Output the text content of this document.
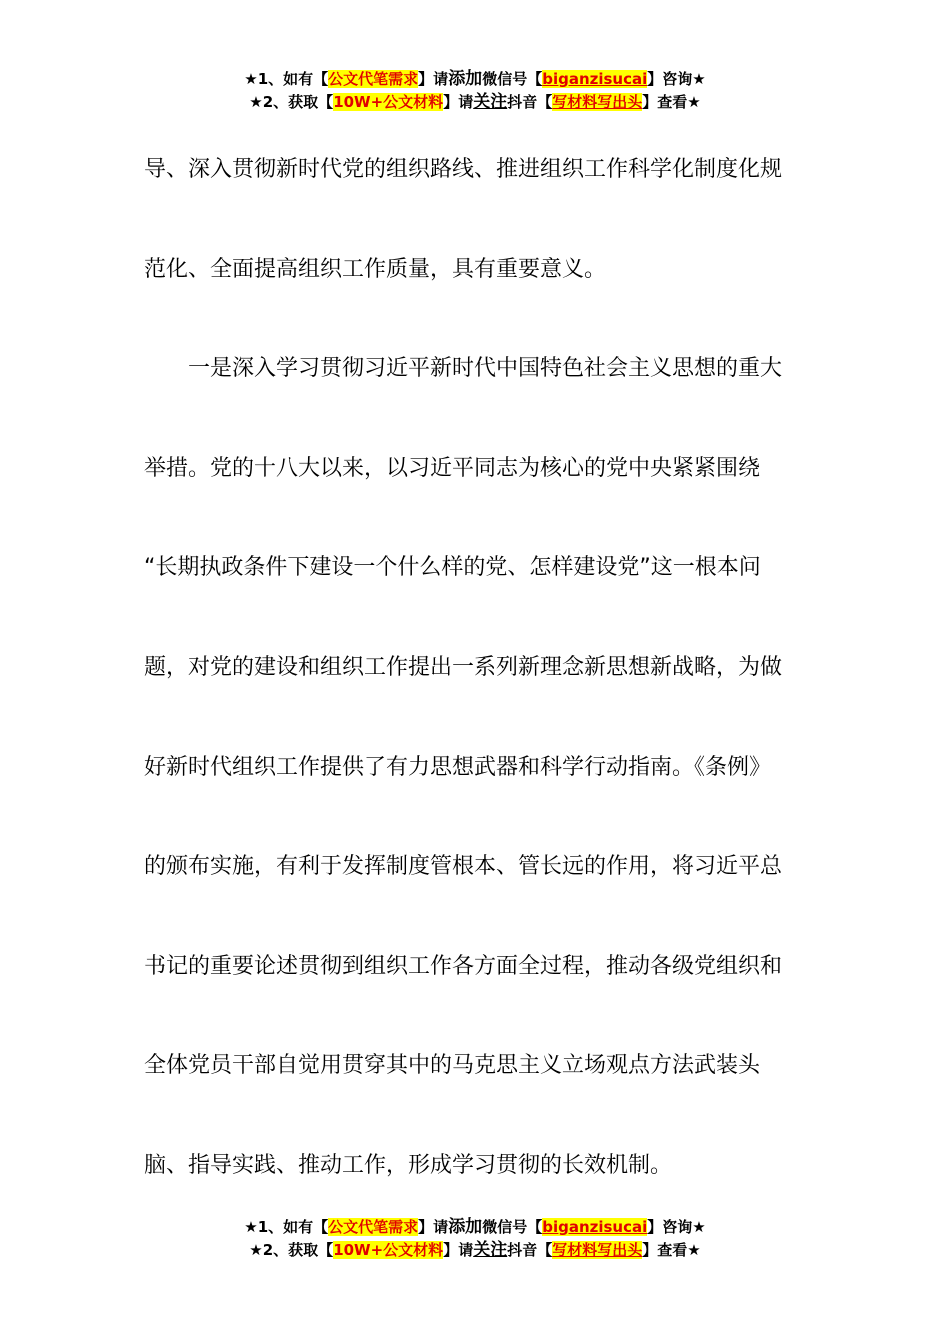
★1、如有【公文代笔需求】请添加微信号【biganzisucai】咨询★
★2、获取【10W+公文材料】请关注抖音【写材料写出头】查看★
导、深入贯彻新时代党的组织路线、推进组织工作科学化制度化规
范化、全面提高组织工作质量，具有重要意义。
　　一是深入学习贯彻习近平新时代中国特色社会主义思想的重大
举措。党的十八大以来，以习近平同志为核心的党中央紧紧围绕
“长期执政条件下建设一个什么样的党、怎样建设党”这一根本问
题，对党的建设和组织工作提出一系列新理念新思想新战略，为做
好新时代组织工作提供了有力思想武器和科学行动指南。《条例》
的颁布实施，有利于发挥制度管根本、管长远的作用，将习近平总
书记的重要论述贯彻到组织工作各方面全过程，推动各级党组织和
全体党员干部自觉用贯穿其中的马克思主义立场观点方法武装头
脑、指导实践、推动工作，形成学习贯彻的长效机制。
★1、如有【公文代笔需求】请添加微信号【biganzisucai】咨询★
★2、获取【10W+公文材料】请关注抖音【写材料写出头】查看★
